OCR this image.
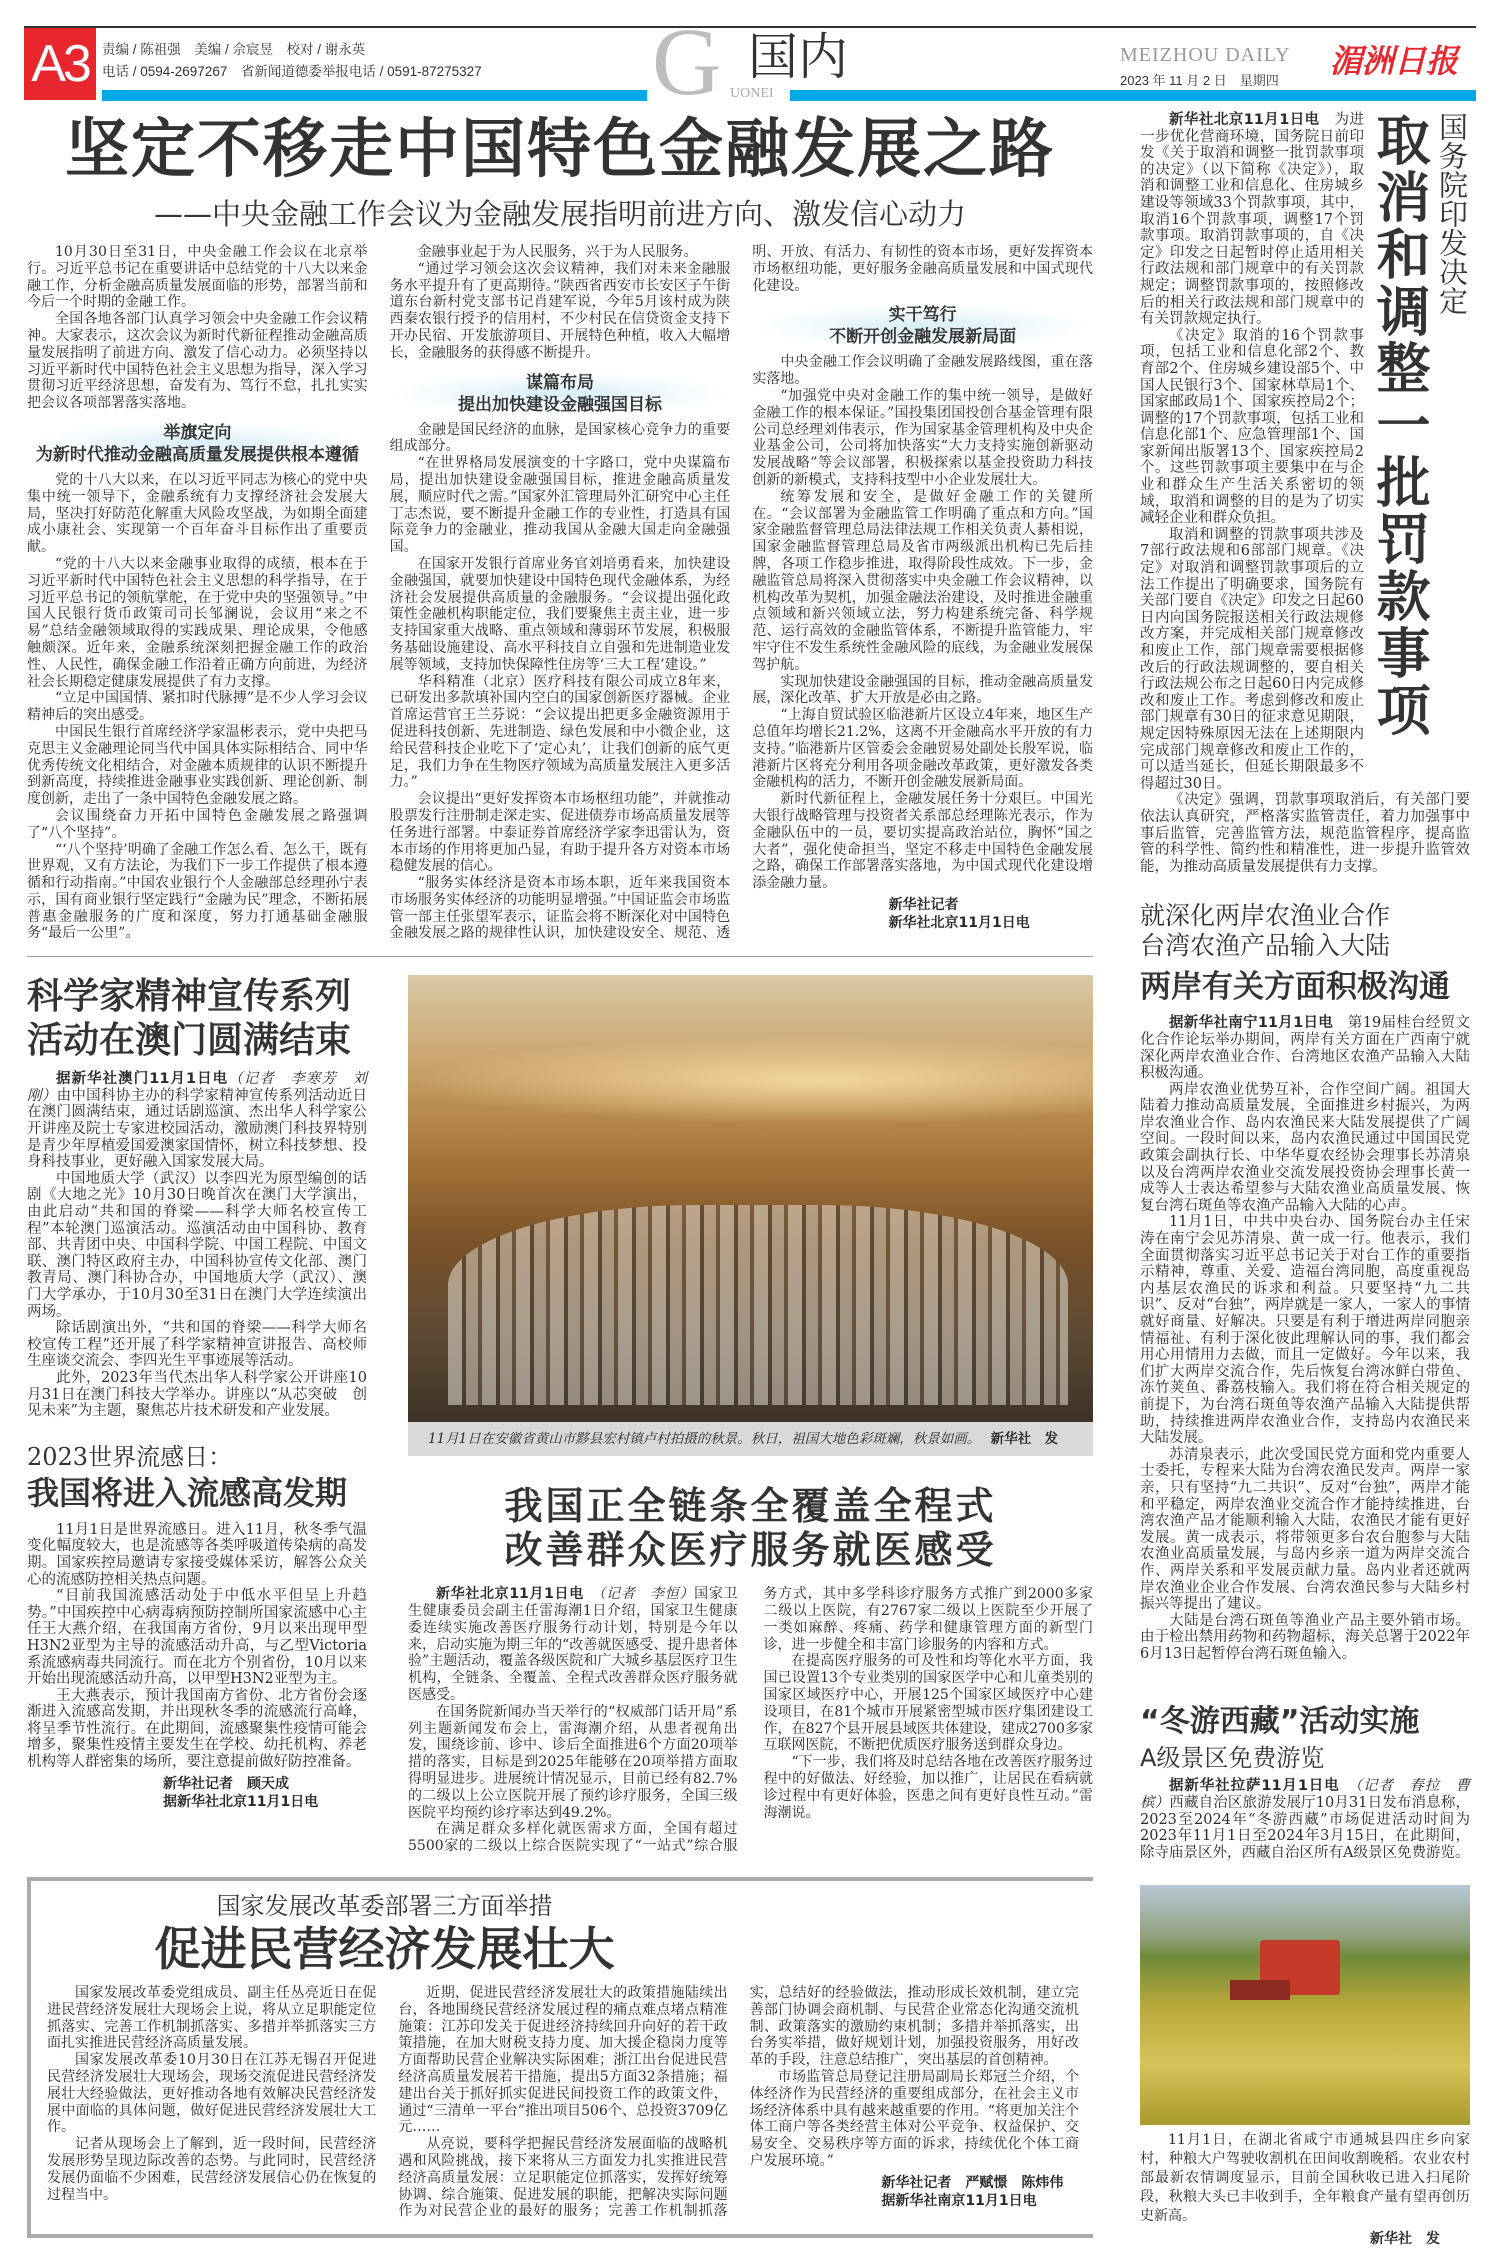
A3 责编 / 陈祖强　美编 / 佘宸昱　校对 / 谢永英
电话 / 0594-2697267　省新闻道德委举报电话 / 0591-87275327 G UONEI
国内	MEIZHOU DAILY
2023 年 11 月 2 日　星期四
湄洲日报
坚定不移走中国特色金融发展之路
——中央金融工作会议为金融发展指明前进方向、激发信心动力

10月30日至31日，中央金融工作会议在北京举行。习近平总书记在重要讲话中总结党的十八大以来金融工作，分析金融高质量发展面临的形势，部署当前和今后一个时期的金融工作。

全国各地各部门认真学习领会中央金融工作会议精神。大家表示，这次会议为新时代新征程推动金融高质量发展指明了前进方向、激发了信心动力。必须坚持以习近平新时代中国特色社会主义思想为指导，深入学习贯彻习近平经济思想，奋发有为、笃行不怠，扎扎实实把会议各项部署落实落地。

举旗定向
为新时代推动金融高质量发展提供根本遵循

党的十八大以来，在以习近平同志为核心的党中央集中统一领导下，金融系统有力支撑经济社会发展大局，坚决打好防范化解重大风险攻坚战，为如期全面建成小康社会、实现第一个百年奋斗目标作出了重要贡献。

“党的十八大以来金融事业取得的成绩，根本在于习近平新时代中国特色社会主义思想的科学指导，在于习近平总书记的领航掌舵，在于党中央的坚强领导。”中国人民银行货币政策司司长邹澜说，会议用“来之不易”总结金融领域取得的实践成果、理论成果，令他感触颇深。近年来，金融系统深刻把握金融工作的政治性、人民性，确保金融工作沿着正确方向前进，为经济社会长期稳定健康发展提供了有力支撑。

“立足中国国情、紧扣时代脉搏”是不少人学习会议精神后的突出感受。

中国民生银行首席经济学家温彬表示，党中央把马克思主义金融理论同当代中国具体实际相结合、同中华优秀传统文化相结合，对金融本质规律的认识不断提升到新高度，持续推进金融事业实践创新、理论创新、制度创新，走出了一条中国特色金融发展之路。

会议围绕奋力开拓中国特色金融发展之路强调了“八个坚持”。

“‘八个坚持’明确了金融工作怎么看、怎么干，既有世界观，又有方法论，为我们下一步工作提供了根本遵循和行动指南。”中国农业银行个人金融部总经理孙宁表示，国有商业银行坚定践行“金融为民”理念，不断拓展普惠金融服务的广度和深度，努力打通基础金融服务“最后一公里”。

金融事业起于为人民服务，兴于为人民服务。

“通过学习领会这次会议精神，我们对未来金融服务水平提升有了更高期待。”陕西省西安市长安区子午街道东台新村党支部书记肖建军说，今年5月该村成为陕西秦农银行授予的信用村，不少村民在信贷资金支持下开办民宿、开发旅游项目、开展特色种植，收入大幅增长，金融服务的获得感不断提升。

谋篇布局
提出加快建设金融强国目标

金融是国民经济的血脉，是国家核心竞争力的重要组成部分。

“在世界格局发展演变的十字路口，党中央谋篇布局，提出加快建设金融强国目标，推进金融高质量发展，顺应时代之需。”国家外汇管理局外汇研究中心主任丁志杰说，要不断提升金融工作的专业性，打造具有国际竞争力的金融业，推动我国从金融大国走向金融强国。

在国家开发银行首席业务官刘培勇看来，加快建设金融强国，就要加快建设中国特色现代金融体系，为经济社会发展提供高质量的金融服务。“会议提出强化政策性金融机构职能定位，我们要聚焦主责主业，进一步支持国家重大战略、重点领域和薄弱环节发展，积极服务基础设施建设、高水平科技自立自强和先进制造业发展等领域，支持加快保障性住房等‘三大工程’建设。”

华科精准（北京）医疗科技有限公司成立8年来，已研发出多款填补国内空白的国家创新医疗器械。企业首席运营官王兰芬说：“会议提出把更多金融资源用于促进科技创新、先进制造、绿色发展和中小微企业，这给民营科技企业吃下了‘定心丸’，让我们创新的底气更足，我们力争在生物医疗领域为高质量发展注入更多活力。”

会议提出“更好发挥资本市场枢纽功能”，并就推动股票发行注册制走深走实、促进债券市场高质量发展等任务进行部署。中泰证券首席经济学家李迅雷认为，资本市场的作用将更加凸显，有助于提升各方对资本市场稳健发展的信心。

“服务实体经济是资本市场本职，近年来我国资本市场服务实体经济的功能明显增强。”中国证监会市场监管一部主任张望军表示，证监会将不断深化对中国特色金融发展之路的规律性认识，加快建设安全、规范、透明、开放、有活力、有韧性的资本市场，更好发挥资本市场枢纽功能，更好服务金融高质量发展和中国式现代化建设。

实干笃行
不断开创金融发展新局面

中央金融工作会议明确了金融发展路线图，重在落实落地。

“加强党中央对金融工作的集中统一领导，是做好金融工作的根本保证。”国投集团国投创合基金管理有限公司总经理刘伟表示，作为国家基金管理机构及中央企业基金公司，公司将加快落实“大力支持实施创新驱动发展战略”等会议部署，积极探索以基金投资助力科技创新的新模式，支持科技型中小企业发展壮大。

统筹发展和安全，是做好金融工作的关键所在。“会议部署为金融监管工作明确了重点和方向。”国家金融监督管理总局法律法规工作相关负责人綦相说，国家金融监督管理总局及省市两级派出机构已先后挂牌，各项工作稳步推进，取得阶段性成效。下一步，金融监管总局将深入贯彻落实中央金融工作会议精神，以机构改革为契机，加强金融法治建设，及时推进金融重点领域和新兴领域立法，努力构建系统完备、科学规范、运行高效的金融监管体系，不断提升监管能力，牢牢守住不发生系统性金融风险的底线，为金融业发展保驾护航。

实现加快建设金融强国的目标，推动金融高质量发展，深化改革、扩大开放是必由之路。

“上海自贸试验区临港新片区设立4年来，地区生产总值年均增长21.2%，这离不开金融高水平开放的有力支持。”临港新片区管委会金融贸易处副处长殷军说，临港新片区将充分利用各项金融改革政策，更好激发各类金融机构的活力，不断开创金融发展新局面。

新时代新征程上，金融发展任务十分艰巨。中国光大银行战略管理与投资者关系部总经理陈光表示，作为金融队伍中的一员，要切实提高政治站位，胸怀“国之大者”，强化使命担当，坚定不移走中国特色金融发展之路，确保工作部署落实落地，为中国式现代化建设增添金融力量。

新华社记者
新华社北京11月1日电
科学家精神宣传系列
活动在澳门圆满结束

据新华社澳门11月1日电（记者　李寒芳　刘刚）由中国科协主办的科学家精神宣传系列活动近日在澳门圆满结束，通过话剧巡演、杰出华人科学家公开讲座及院士专家进校园活动，激励澳门科技界特别是青少年厚植爱国爱澳家国情怀，树立科技梦想、投身科技事业，更好融入国家发展大局。

中国地质大学（武汉）以李四光为原型编创的话剧《大地之光》10月30日晚首次在澳门大学演出，由此启动“共和国的脊梁——科学大师名校宣传工程”本轮澳门巡演活动。巡演活动由中国科协、教育部、共青团中央、中国科学院、中国工程院、中国文联、澳门特区政府主办，中国科协宣传文化部、澳门教青局、澳门科协合办，中国地质大学（武汉）、澳门大学承办，于10月30至31日在澳门大学连续演出两场。

除话剧演出外，“共和国的脊梁——科学大师名校宣传工程”还开展了科学家精神宣讲报告、高校师生座谈交流会、李四光生平事迹展等活动。

此外，2023年当代杰出华人科学家公开讲座10月31日在澳门科技大学举办。讲座以“从芯突破　创见未来”为主题，聚焦芯片技术研发和产业发展。

2023世界流感日：
我国将进入流感高发期

11月1日是世界流感日。进入11月，秋冬季气温变化幅度较大，也是流感等各类呼吸道传染病的高发期。国家疾控局邀请专家接受媒体采访，解答公众关心的流感防控相关热点问题。

“目前我国流感活动处于中低水平但呈上升趋势。”中国疾控中心病毒病预防控制所国家流感中心主任王大燕介绍，在我国南方省份，9月以来出现甲型H3N2亚型为主导的流感活动升高，与乙型Victoria系流感病毒共同流行。而在北方个别省份，10月以来开始出现流感活动升高，以甲型H3N2亚型为主。

王大燕表示，预计我国南方省份、北方省份会逐渐进入流感高发期，并出现秋冬季的流感流行高峰，将呈季节性流行。在此期间，流感聚集性疫情可能会增多，聚集性疫情主要发生在学校、幼托机构、养老机构等人群密集的场所，要注意提前做好防控准备。

新华社记者　顾天成
据新华社北京11月1日电
11月1日在安徽省黄山市黟县宏村镇卢村拍摄的秋景。秋日，祖国大地色彩斑斓，秋景如画。 新华社　发
我国正全链条全覆盖全程式
改善群众医疗服务就医感受

新华社北京11月1日电　（记者　李恒）国家卫生健康委员会副主任雷海潮1日介绍，国家卫生健康委连续实施改善医疗服务行动计划，特别是今年以来，启动实施为期三年的“改善就医感受、提升患者体验”主题活动，覆盖各级医院和广大城乡基层医疗卫生机构，全链条、全覆盖、全程式改善群众医疗服务就医感受。

在国务院新闻办当天举行的“权威部门话开局”系列主题新闻发布会上，雷海潮介绍，从患者视角出发，围绕诊前、诊中、诊后全面推进6个方面20项举措的落实，目标是到2025年能够在20项举措方面取得明显进步。进展统计情况显示，目前已经有82.7%的二级以上公立医院开展了预约诊疗服务，全国三级医院平均预约诊疗率达到49.2%。

在满足群众多样化就医需求方面，全国有超过5500家的二级以上综合医院实现了“一站式”综合服务方式，其中多学科诊疗服务方式推广到2000多家二级以上医院，有2767家二级以上医院至少开展了一类如麻醉、疼痛、药学和健康管理方面的新型门诊，进一步健全和丰富门诊服务的内容和方式。

在提高医疗服务的可及性和均等化水平方面，我国已设置13个专业类别的国家医学中心和儿童类别的国家区域医疗中心，开展125个国家区域医疗中心建设项目，在81个城市开展紧密型城市医疗集团建设工作，在827个县开展县域医共体建设，建成2700多家互联网医院，不断把优质医疗服务送到群众身边。

“下一步，我们将及时总结各地在改善医疗服务过程中的好做法、好经验，加以推广，让居民在看病就诊过程中有更好体验，医患之间有更好良性互动。”雷海潮说。

国家发展改革委部署三方面举措
促进民营经济发展壮大

国家发展改革委党组成员、副主任丛亮近日在促进民营经济发展壮大现场会上说，将从立足职能定位抓落实、完善工作机制抓落实、多措并举抓落实三方面扎实推进民营经济高质量发展。

国家发展改革委10月30日在江苏无锡召开促进民营经济发展壮大现场会，现场交流促进民营经济发展壮大经验做法，更好推动各地有效解决民营经济发展中面临的具体问题，做好促进民营经济发展壮大工作。

记者从现场会上了解到，近一段时间，民营经济发展形势呈现边际改善的态势。与此同时，民营经济发展仍面临不少困难，民营经济发展信心仍在恢复的过程当中。

近期，促进民营经济发展壮大的政策措施陆续出台，各地围绕民营经济发展过程的痛点难点堵点精准施策：江苏印发关于促进经济持续回升向好的若干政策措施，在加大财税支持力度、加大援企稳岗力度等方面帮助民营企业解决实际困难；浙江出台促进民营经济高质量发展若干措施，提出5方面32条措施；福建出台关于抓好抓实促进民间投资工作的政策文件，通过“三清单一平台”推出项目506个、总投资3709亿元……

从亮说，要科学把握民营经济发展面临的战略机遇和风险挑战，接下来将从三方面发力扎实推进民营经济高质量发展：立足职能定位抓落实，发挥好统筹协调、综合施策、促进发展的职能，把解决实际问题作为对民营企业的最好的服务；完善工作机制抓落实，总结好的经验做法，推动形成长效机制，建立完善部门协调会商机制、与民营企业常态化沟通交流机制、政策落实的激励约束机制；多措并举抓落实，出台务实举措，做好规划计划，加强投资服务，用好改革的手段，注意总结推广，突出基层的首创精神。

市场监管总局登记注册局副局长郑冠兰介绍，个体经济作为民营经济的重要组成部分，在社会主义市场经济体系中具有越来越重要的作用。“将更加关注个体工商户等各类经营主体对公平竞争、权益保护、交易安全、交易秩序等方面的诉求，持续优化个体工商户发展环境。”

新华社记者　严赋憬　陈炜伟
据新华社南京11月1日电
国务院印发决定
取消和调整一批罚款事项

新华社北京11月1日电　为进一步优化营商环境，国务院日前印发《关于取消和调整一批罚款事项的决定》（以下简称《决定》），取消和调整工业和信息化、住房城乡建设等领域33个罚款事项，其中，取消16个罚款事项，调整17个罚款事项。取消罚款事项的，自《决定》印发之日起暂时停止适用相关行政法规和部门规章中的有关罚款规定；调整罚款事项的，按照修改后的相关行政法规和部门规章中的有关罚款规定执行。

《决定》取消的16个罚款事项，包括工业和信息化部2个、教育部2个、住房城乡建设部5个、中国人民银行3个、国家林草局1个、国家邮政局1个、国家疾控局2个；调整的17个罚款事项，包括工业和信息化部1个、应急管理部1个、国家新闻出版署13个、国家疾控局2个。这些罚款事项主要集中在与企业和群众生产生活关系密切的领域，取消和调整的目的是为了切实减轻企业和群众负担。

取消和调整的罚款事项共涉及7部行政法规和6部部门规章。《决定》对取消和调整罚款事项后的立法工作提出了明确要求，国务院有关部门要自《决定》印发之日起60日内向国务院报送相关行政法规修改方案，并完成相关部门规章修改和废止工作，部门规章需要根据修改后的行政法规调整的，要自相关行政法规公布之日起60日内完成修改和废止工作。考虑到修改和废止部门规章有30日的征求意见期限，规定因特殊原因无法在上述期限内完成部门规章修改和废止工作的，可以适当延长，但延长期限最多不得超过30日。

《决定》强调，罚款事项取消后，有关部门要依法认真研究，严格落实监管责任，着力加强事中事后监管，完善监管方法，规范监管程序，提高监管的科学性、简约性和精准性，进一步提升监管效能，为推动高质量发展提供有力支撑。

就深化两岸农渔业合作
台湾农渔产品输入大陆
两岸有关方面积极沟通

据新华社南宁11月1日电　第19届桂台经贸文化合作论坛举办期间，两岸有关方面在广西南宁就深化两岸农渔业合作、台湾地区农渔产品输入大陆积极沟通。

两岸农渔业优势互补，合作空间广阔。祖国大陆着力推动高质量发展，全面推进乡村振兴，为两岸农渔业合作、岛内农渔民来大陆发展提供了广阔空间。一段时间以来，岛内农渔民通过中国国民党政策会副执行长、中华华夏农经协会理事长苏清泉以及台湾两岸农渔业交流发展投资协会理事长黄一成等人士表达希望参与大陆农渔业高质量发展、恢复台湾石斑鱼等农渔产品输入大陆的心声。

11月1日，中共中央台办、国务院台办主任宋涛在南宁会见苏清泉、黄一成一行。他表示，我们全面贯彻落实习近平总书记关于对台工作的重要指示精神，尊重、关爱、造福台湾同胞，高度重视岛内基层农渔民的诉求和利益。只要坚持“九二共识”、反对“台独”，两岸就是一家人，一家人的事情就好商量、好解决。只要是有利于增进两岸同胞亲情福祉、有利于深化彼此理解认同的事，我们都会用心用情用力去做，而且一定做好。今年以来，我们扩大两岸交流合作，先后恢复台湾冰鲜白带鱼、冻竹荚鱼、番荔枝输入。我们将在符合相关规定的前提下，为台湾石斑鱼等农渔产品输入大陆提供帮助，持续推进两岸农渔业合作，支持岛内农渔民来大陆发展。

苏清泉表示，此次受国民党方面和党内重要人士委托，专程来大陆为台湾农渔民发声。两岸一家亲，只有坚持“九二共识”、反对“台独”，两岸才能和平稳定，两岸农渔业交流合作才能持续推进，台湾农渔产品才能顺利输入大陆，农渔民才能有更好发展。黄一成表示，将带领更多台农台胞参与大陆农渔业高质量发展，与岛内乡亲一道为两岸交流合作、两岸关系和平发展贡献力量。岛内业者还就两岸农渔业企业合作发展、台湾农渔民参与大陆乡村振兴等提出了建议。

大陆是台湾石斑鱼等渔业产品主要外销市场。由于检出禁用药物和药物超标，海关总署于2022年6月13日起暂停台湾石斑鱼输入。

“冬游西藏”活动实施
A级景区免费游览

据新华社拉萨11月1日电　（记者　春拉　曹槟）西藏自治区旅游发展厅10月31日发布消息称，2023至2024年“冬游西藏”市场促进活动时间为2023年11月1日至2024年3月15日，在此期间，除寺庙景区外，西藏自治区所有A级景区免费游览。

11月1日，在湖北省咸宁市通城县四庄乡向家村，种粮大户驾驶收割机在田间收割晚稻。农业农村部最新农情调度显示，目前全国秋收已进入扫尾阶段，秋粮大头已丰收到手，全年粮食产量有望再创历史新高。

新华社　发
